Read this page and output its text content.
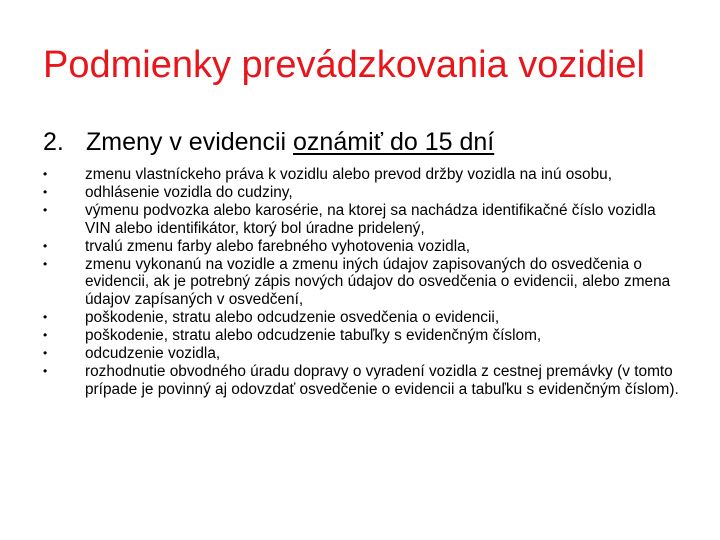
Podmienky prevádzkovania vozidiel
2. Zmeny v evidencii oznámiť do 15 dní
• zmenu vlastníckeho práva k vozidlu alebo prevod držby vozidla na inú osobu,
• odhlásenie vozidla do cudziny,
• výmenu podvozka alebo karosérie, na ktorej sa nachádza identifikačné číslo vozidla VIN alebo identifikátor, ktorý bol úradne pridelený,
• trvalú zmenu farby alebo farebného vyhotovenia vozidla,
• zmenu vykonanú na vozidle a zmenu iných údajov zapisovaných do osvedčenia o evidencii, ak je potrebný zápis nových údajov do osvedčenia o evidencii, alebo zmena údajov zapísaných v osvedčení,
• poškodenie, stratu alebo odcudzenie osvedčenia o evidencii,
• poškodenie, stratu alebo odcudzenie tabuľky s evidenčným číslom,
• odcudzenie vozidla,
• rozhodnutie obvodného úradu dopravy o vyradení vozidla z cestnej premávky (v tomto prípade je povinný aj odovzdať osvedčenie o evidencii a tabuľku s evidenčným číslom).
